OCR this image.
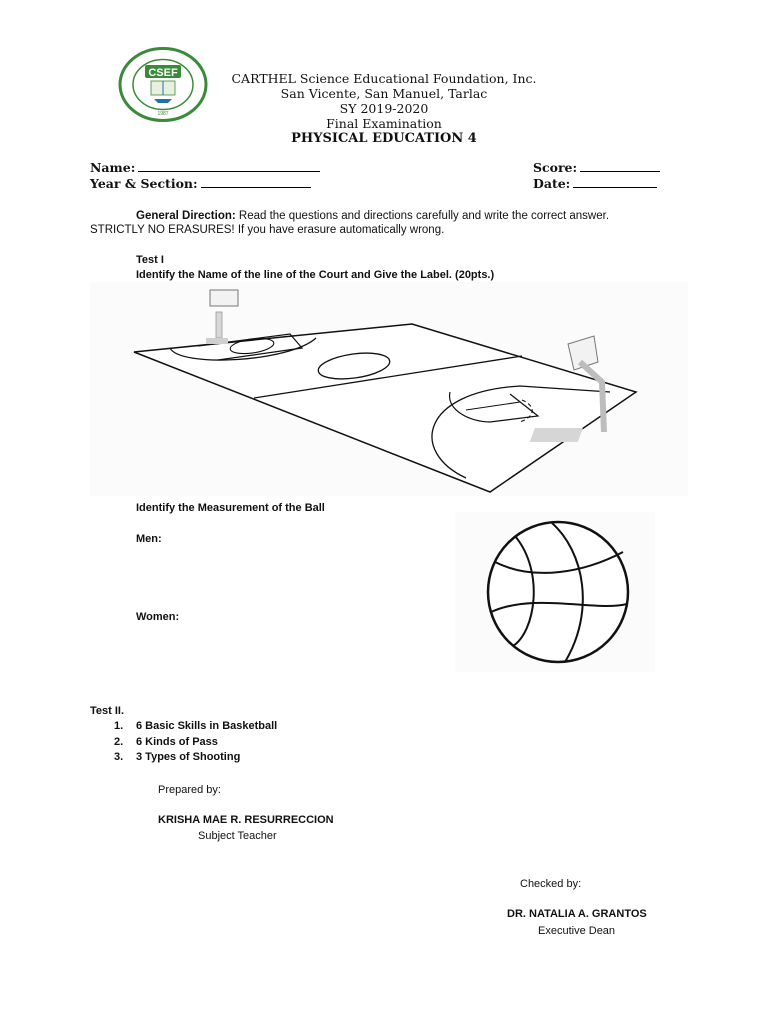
CSEF
1987
CARTHEL Science Educational Foundation, Inc.
San Vicente, San Manuel, Tarlac
SY 2019-2020
Final Examination
PHYSICAL EDUCATION 4
Name:	Score:
Year & Section:	Date:
General Direction: Read the questions and directions carefully and write the correct answer.
STRICTLY NO ERASURES! If you have erasure automatically wrong.
Test I
Identify the Name of the line of the Court and Give the Label. (20pts.)
Identify the Measurement of the Ball
Men:
Women:
Test II.
1. 6 Basic Skills in Basketball
2. 6 Kinds of Pass
3. 3 Types of Shooting
Prepared by:
KRISHA MAE R. RESURRECCION
Subject Teacher
Checked by:
DR. NATALIA A. GRANTOS
Executive Dean
